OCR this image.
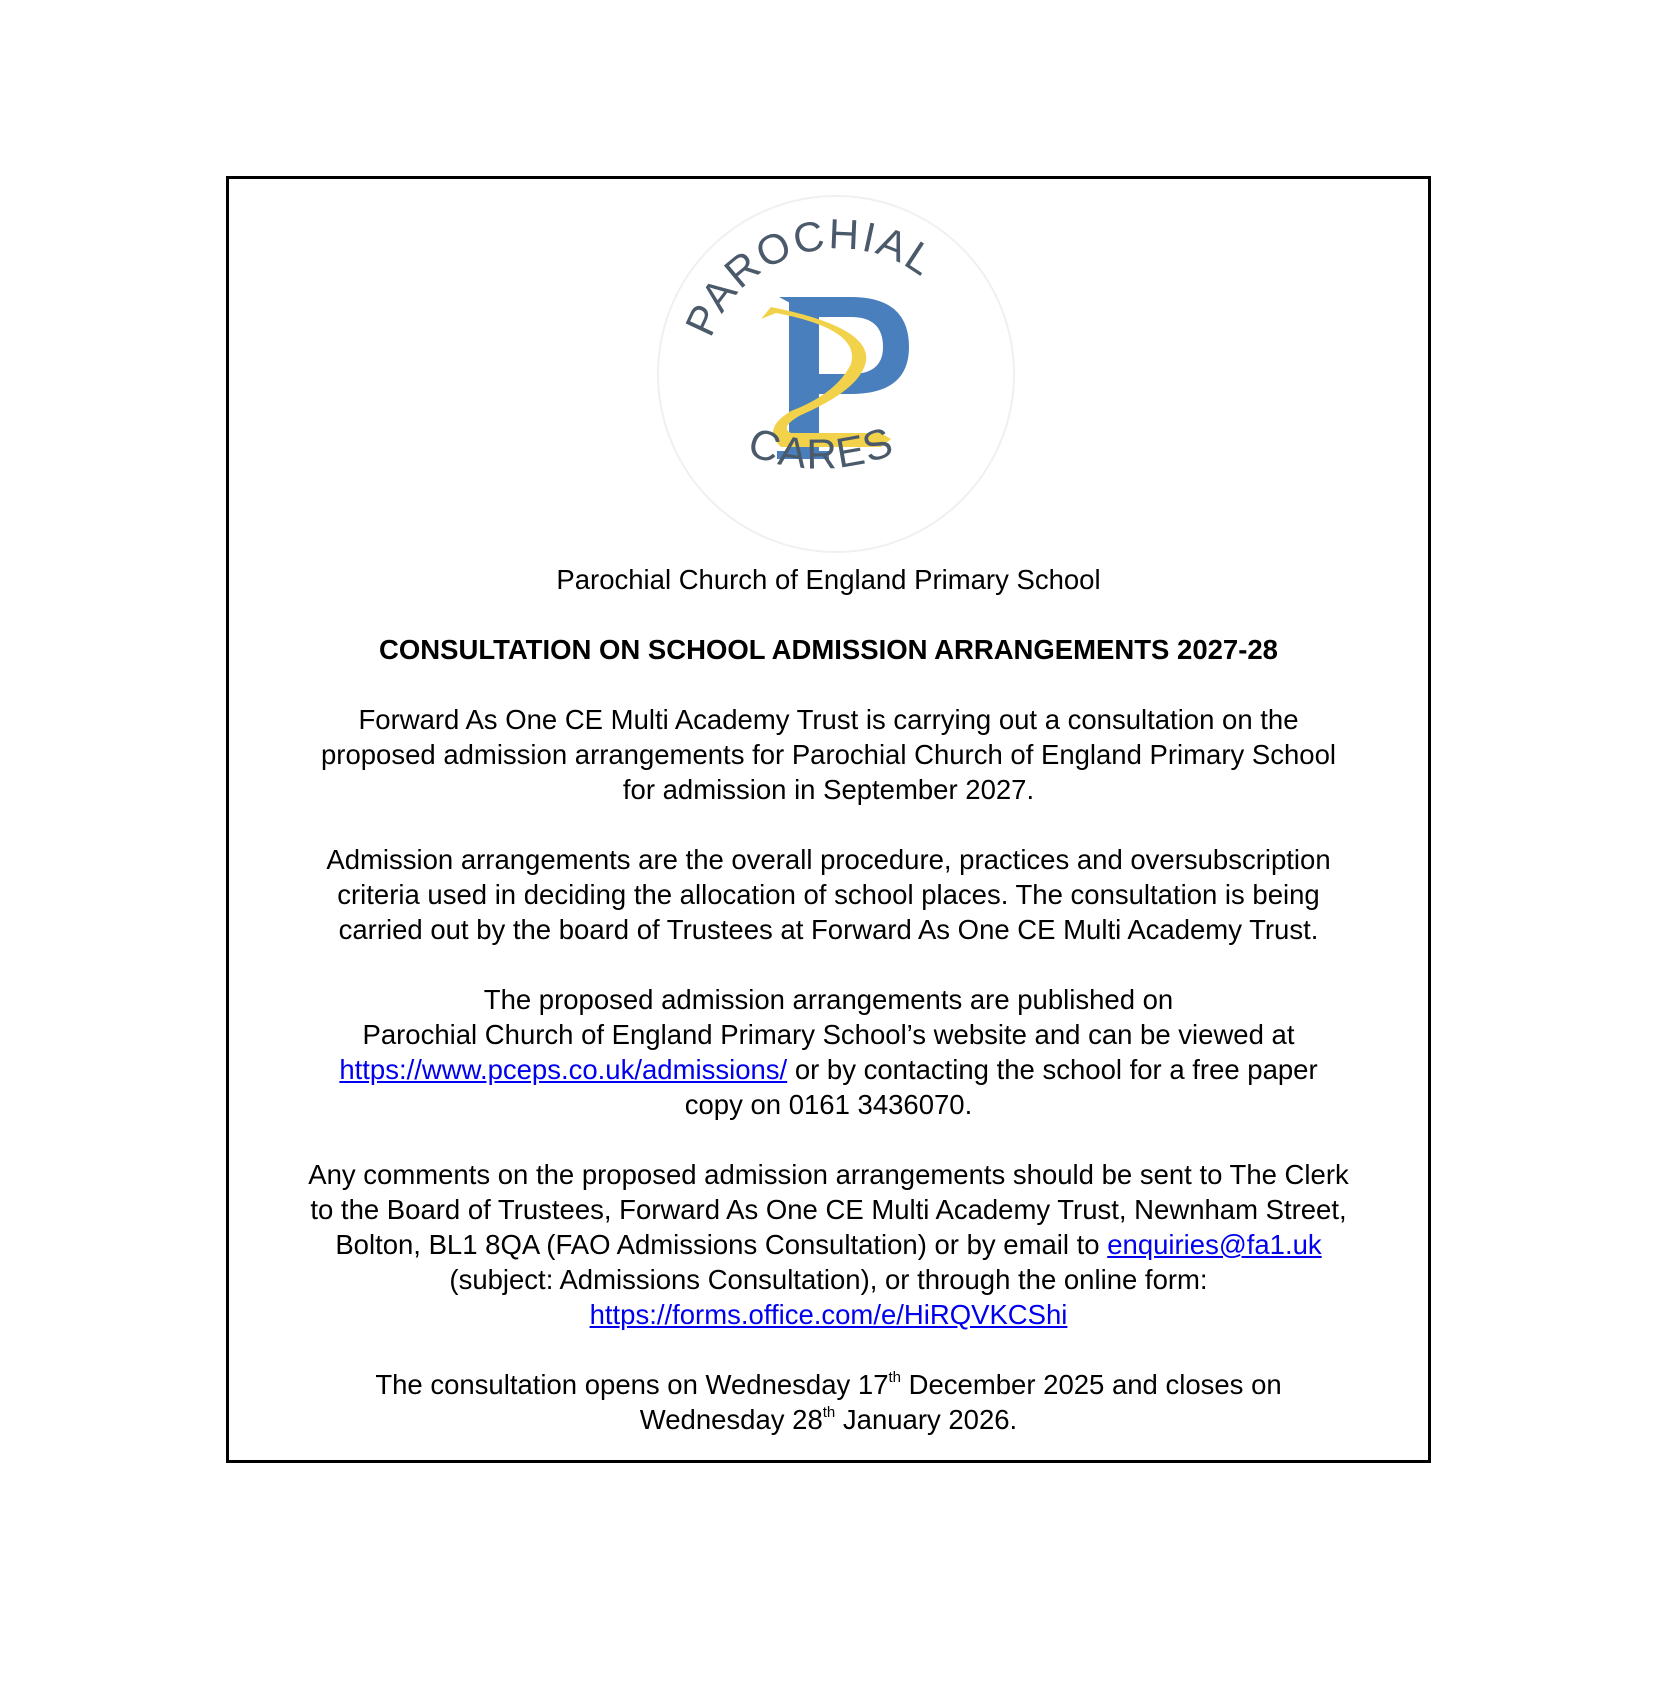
PAROCHIAL
CARES

Parochial Church of England Primary School

CONSULTATION ON SCHOOL ADMISSION ARRANGEMENTS 2027-28

Forward As One CE Multi Academy Trust is carrying out a consultation on the
proposed admission arrangements for Parochial Church of England Primary School
for admission in September 2027.

Admission arrangements are the overall procedure, practices and oversubscription
criteria used in deciding the allocation of school places. The consultation is being
carried out by the board of Trustees at Forward As One CE Multi Academy Trust.

The proposed admission arrangements are published on
Parochial Church of England Primary School’s website and can be viewed at
https://www.pceps.co.uk/admissions/ or by contacting the school for a free paper
copy on 0161 3436070.

Any comments on the proposed admission arrangements should be sent to The Clerk
to the Board of Trustees, Forward As One CE Multi Academy Trust, Newnham Street,
Bolton, BL1 8QA (FAO Admissions Consultation) or by email to enquiries@fa1.uk
(subject: Admissions Consultation), or through the online form:
https://forms.office.com/e/HiRQVKCShi

The consultation opens on Wednesday 17th December 2025 and closes on
Wednesday 28th January 2026.
